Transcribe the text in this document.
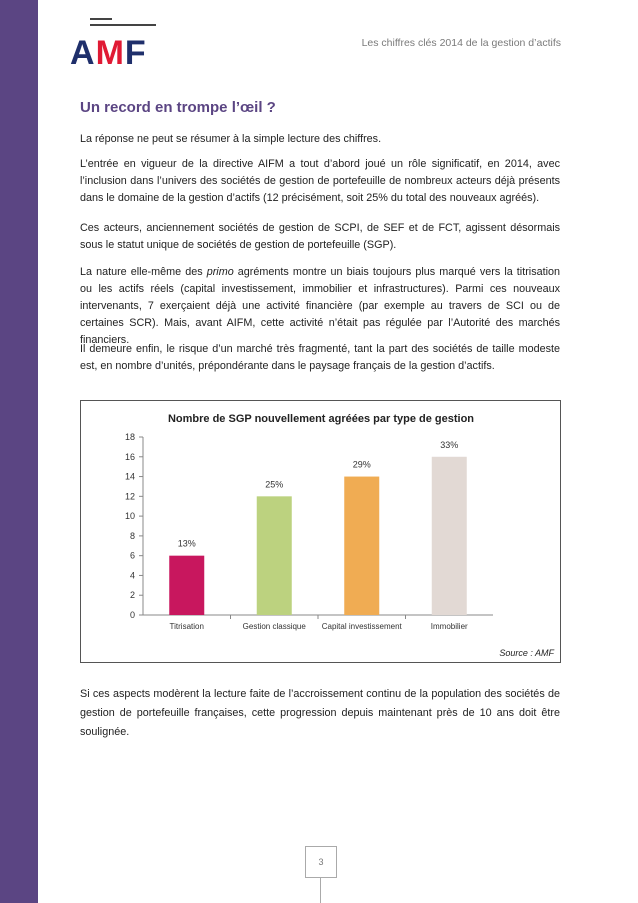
AMF	Les chiffres clés 2014 de la gestion d’actifs
Un record en trompe l’œil ?
La réponse ne peut se résumer à la simple lecture des chiffres.
L’entrée en vigueur de la directive AIFM a tout d’abord joué un rôle significatif, en 2014, avec l’inclusion dans l’univers des sociétés de gestion de portefeuille de nombreux acteurs déjà présents dans le domaine de la gestion d’actifs (12 précisément, soit 25% du total des nouveaux agréés).
Ces acteurs, anciennement sociétés de gestion de SCPI, de SEF et de FCT, agissent désormais sous le statut unique de sociétés de gestion de portefeuille (SGP).
La nature elle-même des primo agréments montre un biais toujours plus marqué vers la titrisation ou les actifs réels (capital investissement, immobilier et infrastructures). Parmi ces nouveaux intervenants, 7 exerçaient déjà une activité financière (par exemple au travers de SCI ou de certaines SCR). Mais, avant AIFM, cette activité n’était pas régulée par l’Autorité des marchés financiers.
Il demeure enfin, le risque d’un marché très fragmenté, tant la part des sociétés de taille modeste est, en nombre d’unités, prépondérante dans le paysage français de la gestion d’actifs.
Nombre de SGP nouvellement agréées par type de gestion
0
2
4
6
8
10
12
14
16
18
13%
Titrisation
25%
Gestion classique
29%
Capital investissement
33%
Immobilier
Source : AMF
Si ces aspects modèrent la lecture faite de l’accroissement continu de la population des sociétés de gestion de portefeuille françaises, cette progression depuis maintenant près de 10 ans doit être soulignée.
3
